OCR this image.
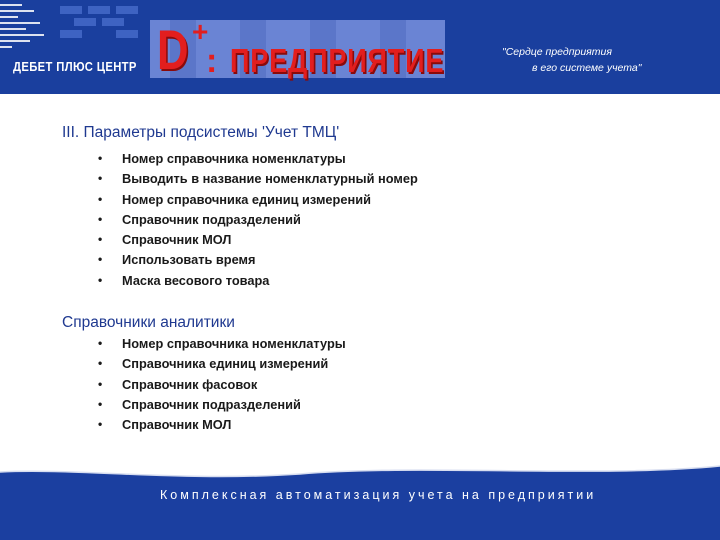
ДЕБЕТ ПЛЮС ЦЕНТР D +
: ПРЕДПРИЯТИЕ	"Сердце предприятия
в его системе учета"
III. Параметры подсистемы 'Учет ТМЦ'
•	Номер справочника номенклатуры
•	Выводить в название номенклатурный номер
•	Номер справочника единиц измерений
•	Справочник подразделений
•	Справочник МОЛ
•	Использовать время
•	Маска весового товара
Справочники аналитики
•	Номер справочника номенклатуры
•	Справочника единиц измерений
•	Справочник фасовок
•	Справочник подразделений
•	Справочник МОЛ
Комплексная автоматизация учета на предприятии
